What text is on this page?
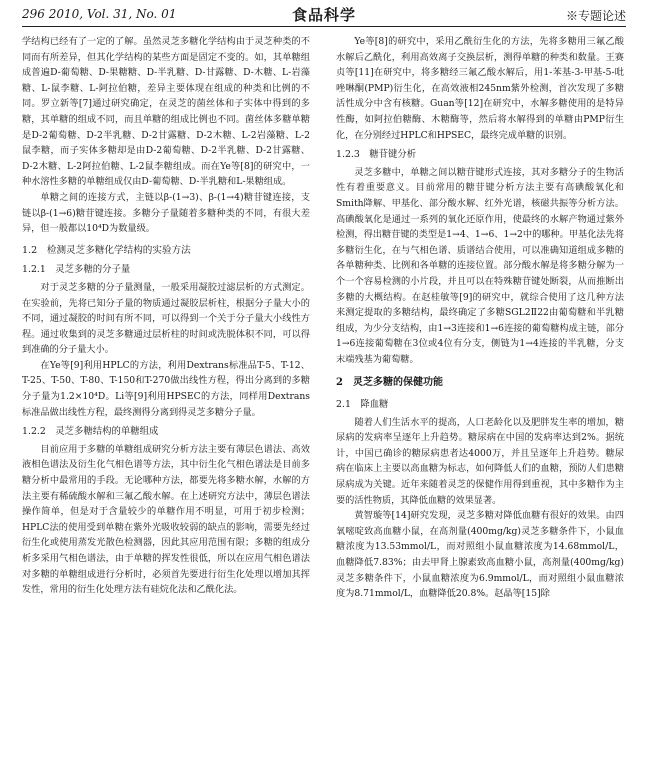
296 2010, Vol. 31, No. 01	食品科学	※专题论述

学结构已经有了一定的了解。虽然灵芝多糖化学结构由于灵芝种类的不同而有所差异，但其化学结构的某些方面是固定不变的。如，其单糖组成普遍D-葡萄糖、D-果糖糖、D-半乳糖、D-甘露糖、D-木糖、L-岩藻糖、L-鼠李糖、L-阿拉伯糖，差异主要体现在组成的种类和比例的不同。罗立新等[7]通过研究确定，在灵芝的菌丝体和子实体中得到的多糖，其单糖的组成不同，而且单糖的组成比例也不同。菌丝体多糖单糖是D-2葡萄糖、D-2半乳糖、D-2甘露糖、D-2木糖、L-2岩藻糖、L-2鼠李糖，而子实体多糖却是由D-2葡萄糖、D-2半乳糖、D-2甘露糖、D-2木糖、L-2阿拉伯糖、L-2鼠李糖组成。而在Ye等[8]的研究中，一种水溶性多糖的单糖组成仅由D-葡萄糖、D-半乳糖和L-果糖组成。

单糖之间的连接方式，主链以β-(1→3)、β-(1→4)糖苷键连接，支链以β-(1→6)糖苷键连接。多糖分子量随着多糖种类的不同，有很大差异，但一般都以10⁴D为数量级。

1.2　检测灵芝多糖化学结构的实验方法
1.2.1　灵芝多糖的分子量

对于灵芝多糖的分子量测量，一般采用凝胶过滤层析的方式测定。在实验前，先将已知分子量的物质通过凝胶层析柱，根据分子量大小的不同，通过凝胶的时间有所不同，可以得到一个关于分子量大小线性方程。通过收集到的灵芝多糖通过层析柱的时间或洗脱体积不同，可以得到准确的分子量大小。

在Ye等[9]利用HPLC的方法，利用Dextrans标准品T-5、T-12、T-25、T-50、T-80、T-150和T-270做出线性方程，得出分离到的多糖分子量为1.2×10⁴D。Li等[9]利用HPSEC的方法，同样用Dextrans标准品做出线性方程，最终测得分离到得灵芝多糖分子量。

1.2.2　灵芝多糖结构的单糖组成

目前应用于多糖的单糖组成研究分析方法主要有薄层色谱法、高效液相色谱法及衍生化气相色谱等方法，其中衍生化气相色谱法是目前多糖分析中最常用的手段。无论哪种方法，都要先将多糖水解，水解的方法主要有稀硫酸水解和三氟乙酸水解。在上述研究方法中，薄层色谱法操作简单，但是对于含量较少的单糖作用不明显，可用于初步检测；HPLC法的使用受到单糖在紫外光吸收较弱的缺点的影响，需要先经过衍生化或使用蒸发光散色检测器，因此其应用范围有限；多糖的组成分析多采用气相色谱法，由于单糖的挥发性很低，所以在应用气相色谱法对多糖的单糖组成进行分析时，必须首先要进行衍生化处理以增加其挥发性，常用的衍生化处理方法有硅烷化法和乙酰化法。

Ye等[8]的研究中，采用乙酰衍生化的方法，先将多糖用三氟乙酸水解后乙酰化，利用高效离子交换层析，测得单糖的种类和数量。王赛贞等[11]在研究中，将多糖经三氟乙酸水解后，用1-苯基-3-甲基-5-吡唑啉酮(PMP)衍生化，在高效液相245nm紫外检测，首次发现了多糖活性成分中含有核糖。Guan等[12]在研究中，水解多糖使用的是特异性酶，如阿拉伯糖酶、木糖酶等，然后将水解得到的单糖由PMP衍生化，在分别经过HPLC和HPSEC，最终完成单糖的识别。

1.2.3　糖苷键分析

灵芝多糖中，单糖之间以糖苷键形式连接，其对多糖分子的生物活性有着重要意义。目前常用的糖苷键分析方法主要有高碘酸氧化和Smith降解、甲基化、部分酸水解、红外光谱，核磁共振等分析方法。高碘酸氧化是通过一系列的氧化还原作用，使最终的水解产物通过紫外检测，得出糖苷键的类型是1→4、1→6、1→2中的哪种。甲基化法先将多糖衍生化，在与气相色谱、质谱结合使用，可以准确知道组成多糖的各单糖种类、比例和各单糖的连接位置。部分酸水解是将多糖分解为一个一个容易检测的小片段，并且可以在特殊糖苷键处断裂，从而推断出多糖的大概结构。在赵桂敏等[9]的研究中，就综合使用了这几种方法来测定提取的多糖结构，最终确定了多糖SGL2Ⅱ22由葡萄糖和半乳糖组成，为少分支结构，由1→3连接和1→6连接的葡萄糖构成主链，部分1→6连接葡萄糖在3位或4位有分支，侧链为1→4连接的半乳糖，分支末端残基为葡萄糖。

2　灵芝多糖的保健功能
2.1　降血糖

随着人们生活水平的提高，人口老龄化以及肥胖发生率的增加，糖尿病的发病率呈逐年上升趋势。糖尿病在中国的发病率达到2%。据统计，中国已确诊的糖尿病患者达4000万，并且呈逐年上升趋势。糖尿病在临床上主要以高血糖为标志，如何降低人们的血糖，预防人们患糖尿病成为关键。近年来随着灵芝的保健作用得到重视，其中多糖作为主要的活性物质，其降低血糖的效果显著。

黄智璇等[14]研究发现，灵芝多糖对降低血糖有很好的效果。由四氧嘧啶致高血糖小鼠，在高剂量(400mg/kg)灵芝多糖条件下，小鼠血糖浓度为13.53mmol/L，而对照组小鼠血糖浓度为14.68mmol/L，血糖降低7.83%；由去甲肾上腺素致高血糖小鼠，高剂量(400mg/kg)灵芝多糖条件下，小鼠血糖浓度为6.9mmol/L，而对照组小鼠血糖浓度为8.71mmol/L，血糖降低20.8%。赵晶等[15]除
